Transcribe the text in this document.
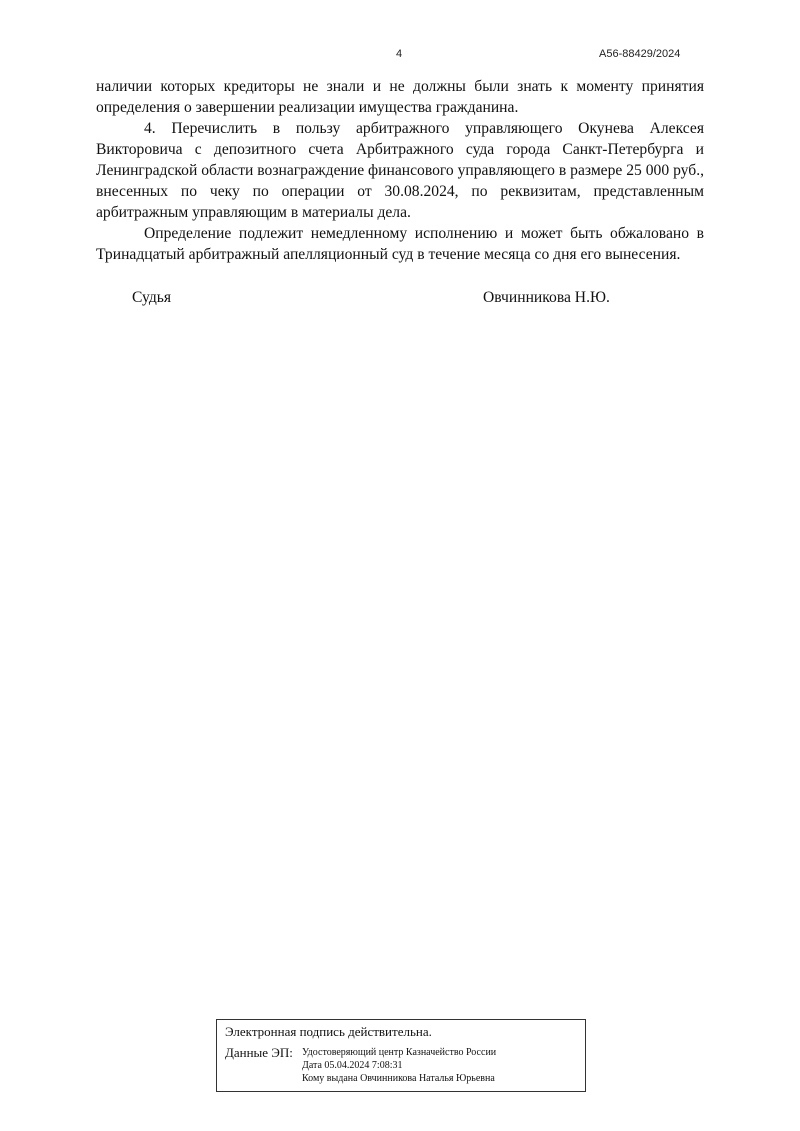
4	А56-88429/2024

наличии которых кредиторы не знали и не должны были знать к моменту принятия определения о завершении реализации имущества гражданина.

4. Перечислить в пользу арбитражного управляющего Окунева Алексея Викторовича с депозитного счета Арбитражного суда города Санкт-Петербурга и Ленинградской области вознаграждение финансового управляющего в размере 25 000 руб., внесенных по чеку по операции от 30.08.2024, по реквизитам, представленным арбитражным управляющим в материалы дела.

Определение подлежит немедленному исполнению и может быть обжаловано в Тринадцатый арбитражный апелляционный суд в течение месяца со дня его вынесения.

Судья	Овчинникова Н.Ю.
Электронная подпись действительна.
Данные ЭП: Удостоверяющий центр Казначейство России
Дата 05.04.2024 7:08:31
Кому выдана Овчинникова Наталья Юрьевна
